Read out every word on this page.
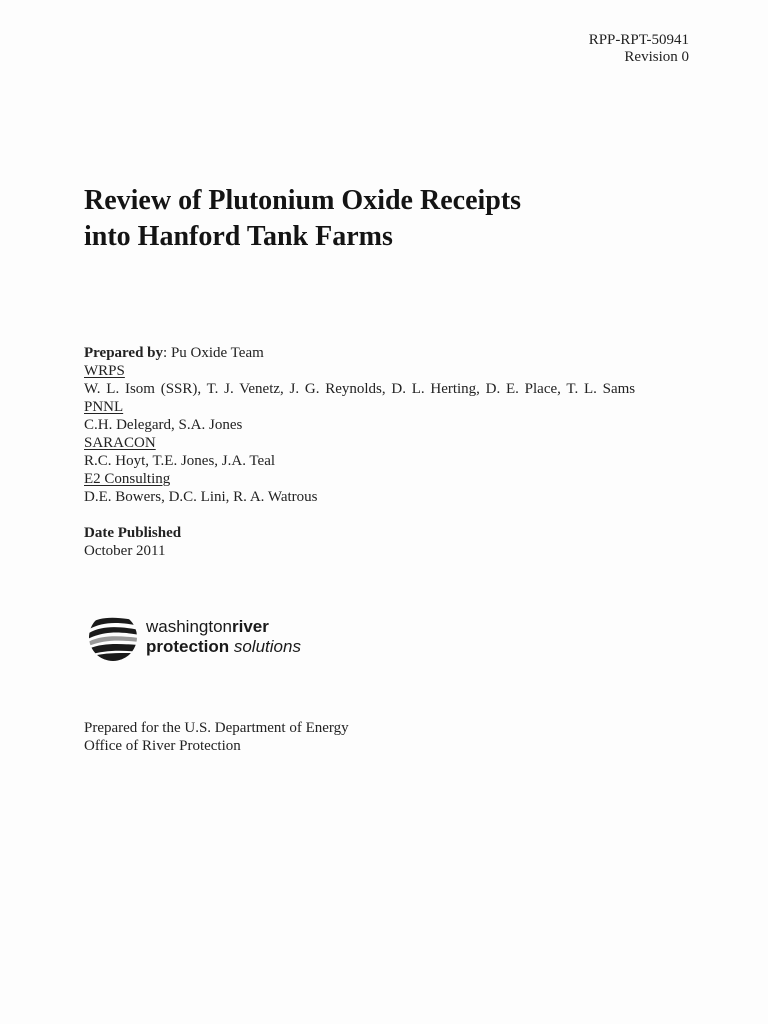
RPP-RPT-50941
Revision 0
Review of Plutonium Oxide Receipts
into Hanford Tank Farms
Prepared by: Pu Oxide Team
WRPS
W. L. Isom (SSR), T. J. Venetz, J. G. Reynolds, D. L. Herting, D. E. Place, T. L. Sams
PNNL
C.H. Delegard, S.A. Jones
SARACON
R.C. Hoyt, T.E. Jones, J.A. Teal
E2 Consulting
D.E. Bowers, D.C. Lini, R. A. Watrous
Date Published
October 2011
washingtonriver
protection solutions
Prepared for the U.S. Department of Energy
Office of River Protection
